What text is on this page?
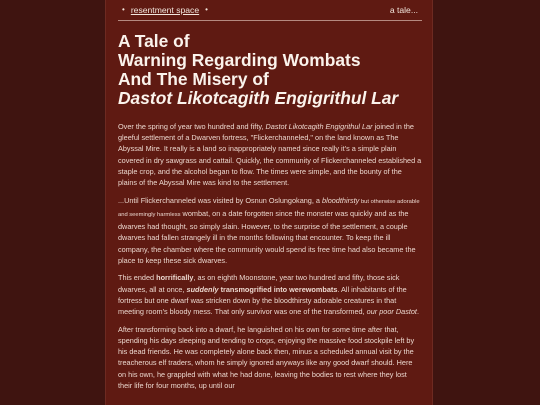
• resentment space •	a tale...
A Tale of
Warning Regarding Wombats
And The Misery of
Dastot Likotcagith Engigrithul Lar

Over the spring of year two hundred and fifty, Dastot Likotcagith Engigrithul Lar joined in the gleeful settlement of a Dwarven fortress, "Flickerchanneled," on the land known as The Abyssal Mire. It really is a land so inappropriately named since really it's a simple plain covered in dry sawgrass and cattail. Quickly, the community of Flickerchanneled established a staple crop, and the alcohol began to flow. The times were simple, and the bounty of the plains of the Abyssal Mire was kind to the settlement.

...Until Flickerchanneled was visited by Osnun Oslungokang, a bloodthirsty but otherwise adorable and seemingly harmless wombat, on a date forgotten since the monster was quickly and as the dwarves had thought, so simply slain. However, to the surprise of the settlement, a couple dwarves had fallen strangely ill in the months following that encounter. To keep the ill company, the chamber where the community would spend its free time had also became the place to keep these sick dwarves.

This ended horrifically, as on eighth Moonstone, year two hundred and fifty, those sick dwarves, all at once, suddenly transmogrified into werewombats. All inhabitants of the fortress but one dwarf was stricken down by the bloodthirsty adorable creatures in that meeting room's bloody mess. That only survivor was one of the transformed, our poor Dastot.

After transforming back into a dwarf, he languished on his own for some time after that, spending his days sleeping and tending to crops, enjoying the massive food stockpile left by his dead friends. He was completely alone back then, minus a scheduled annual visit by the treacherous elf traders, whom he simply ignored anyways like any good dwarf should. Here on his own, he grappled with what he had done, leaving the bodies to rest where they lost their life for four months, up until our
